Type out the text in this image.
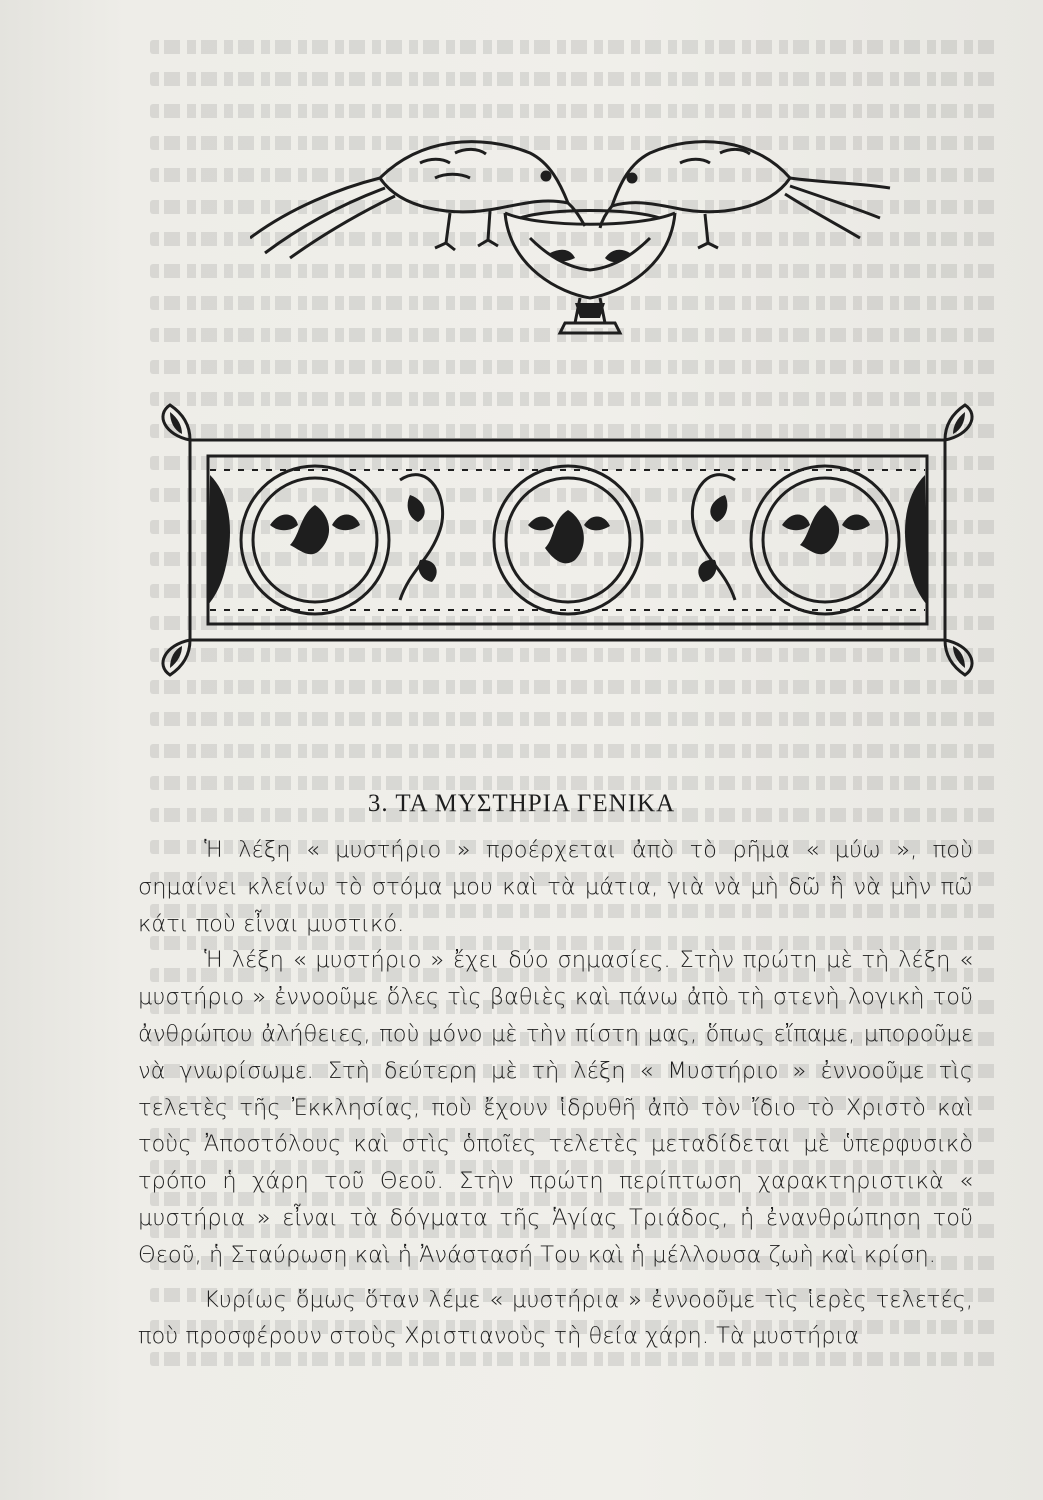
3. ΤΑ ΜΥΣΤΗΡΙΑ ΓΕΝΙΚΑ

Ἡ λέξη « μυστήριο » προέρχεται ἀπὸ τὸ ρῆμα « μύω », ποὺ σημαίνει κλείνω τὸ στόμα μου καὶ τὰ μάτια, γιὰ νὰ μὴ δῶ ἢ νὰ μὴν πῶ κάτι ποὺ εἶναι μυστικό.

Ἡ λέξη « μυστήριο » ἔχει δύο σημασίες. Στὴν πρώτη μὲ τὴ λέξη « μυστήριο » ἐννοοῦμε ὅλες τὶς βαθιὲς καὶ πάνω ἀπὸ τὴ στενὴ λογικὴ τοῦ ἀνθρώπου ἀλήθειες, ποὺ μόνο μὲ τὴν πίστη μας, ὅπως εἴπαμε, μποροῦμε νὰ γνωρίσωμε. Στὴ δεύτερη μὲ τὴ λέξη « Μυστήριο » ἐννοοῦμε τὶς τελετὲς τῆς Ἐκκλησίας, ποὺ ἔχουν ἱδρυθῆ ἀπὸ τὸν ἴδιο τὸ Χριστὸ καὶ τοὺς Ἀποστόλους καὶ στὶς ὁποῖες τελετὲς μεταδίδεται μὲ ὑπερφυσικὸ τρόπο ἡ χάρη τοῦ Θεοῦ. Στὴν πρώτη περίπτωση χαρακτηριστικὰ « μυστήρια » εἶναι τὰ δόγματα τῆς Ἁγίας Τριάδος, ἡ ἐνανθρώπηση τοῦ Θεοῦ, ἡ Σταύρωση καὶ ἡ Ἀνάστασή Του καὶ ἡ μέλλουσα ζωὴ καὶ κρίση.

Κυρίως ὅμως ὅταν λέμε « μυστήρια » ἐννοοῦμε τὶς ἱερὲς τελετές, ποὺ προσφέρουν στοὺς Χριστιανοὺς τὴ θεία χάρη. Τὰ μυστήρια
